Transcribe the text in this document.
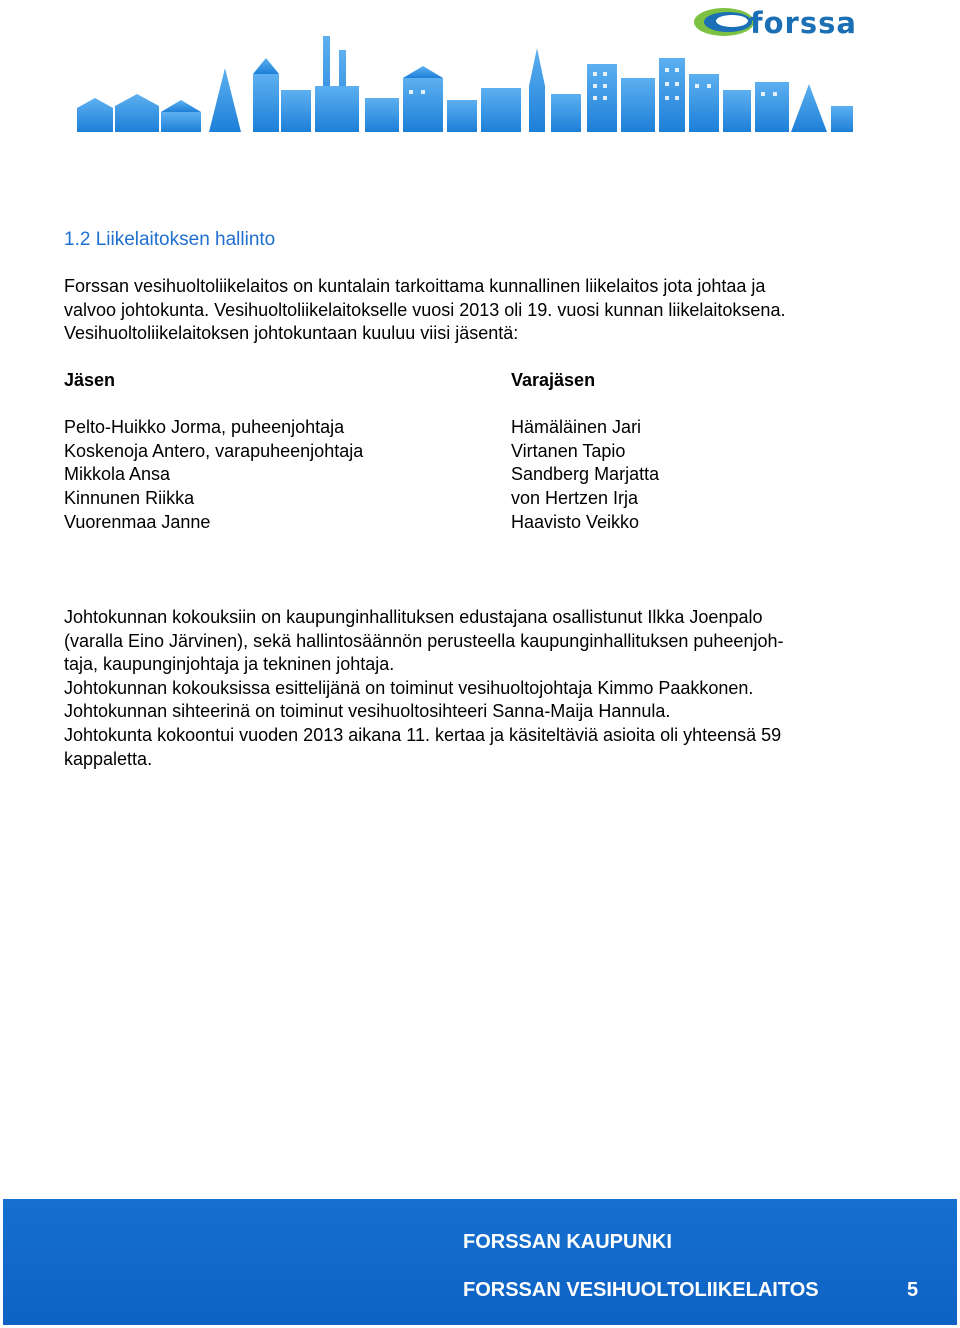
forssa
1.2 Liikelaitoksen hallinto
Forssan vesihuoltoliikelaitos on kuntalain tarkoittama kunnallinen liikelaitos jota johtaa ja
valvoo johtokunta. Vesihuoltoliikelaitokselle vuosi 2013 oli 19. vuosi kunnan liikelaitoksena.
Vesihuoltoliikelaitoksen johtokuntaan kuuluu viisi jäsentä:
Jäsen	Varajäsen
Pelto-Huikko Jorma, puheenjohtaja
Koskenoja Antero, varapuheenjohtaja
Mikkola Ansa
Kinnunen Riikka
Vuorenmaa Janne
Hämäläinen Jari
Virtanen Tapio
Sandberg Marjatta
von Hertzen Irja
Haavisto Veikko
Johtokunnan kokouksiin on kaupunginhallituksen edustajana osallistunut Ilkka Joenpalo
(varalla Eino Järvinen), sekä hallintosäännön perusteella kaupunginhallituksen puheenjoh-
taja, kaupunginjohtaja ja tekninen johtaja.
Johtokunnan kokouksissa esittelijänä on toiminut vesihuoltojohtaja Kimmo Paakkonen.
Johtokunnan sihteerinä on toiminut vesihuoltosihteeri Sanna-Maija Hannula.
Johtokunta kokoontui vuoden 2013 aikana 11. kertaa ja käsiteltäviä asioita oli yhteensä 59
kappaletta.
FORSSAN KAUPUNKI
FORSSAN VESIHUOLTOLIIKELAITOS	5
